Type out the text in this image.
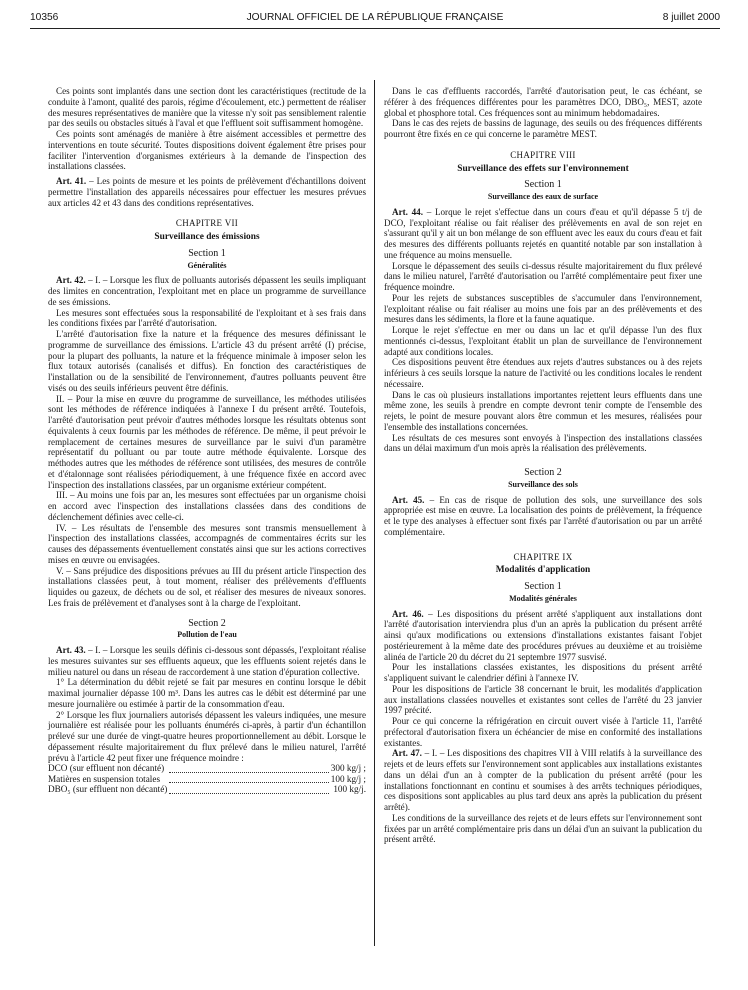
10356	JOURNAL OFFICIEL DE LA RÉPUBLIQUE FRANÇAISE	8 juillet 2000

Ces points sont implantés dans une section dont les caractéristiques (rectitude de la conduite à l'amont, qualité des parois, régime d'écoulement, etc.) permettent de réaliser des mesures représentatives de manière que la vitesse n'y soit pas sensiblement ralentie par des seuils ou obstacles situés à l'aval et que l'effluent soit suffisamment homogène.

Ces points sont aménagés de manière à être aisément accessibles et permettre des interventions en toute sécurité. Toutes dispositions doivent également être prises pour faciliter l'intervention d'organismes extérieurs à la demande de l'inspection des installations classées.

Art. 41. – Les points de mesure et les points de prélèvement d'échantillons doivent permettre l'installation des appareils nécessaires pour effectuer les mesures prévues aux articles 42 et 43 dans des conditions représentatives.

CHAPITRE VII
Surveillance des émissions
Section 1
Généralités

Art. 42. – I. – Lorsque les flux de polluants autorisés dépassent les seuils impliquant des limites en concentration, l'exploitant met en place un programme de surveillance de ses émissions.

Les mesures sont effectuées sous la responsabilité de l'exploitant et à ses frais dans les conditions fixées par l'arrêté d'autorisation.

L'arrêté d'autorisation fixe la nature et la fréquence des mesures définissant le programme de surveillance des émissions. L'article 43 du présent arrêté (I) précise, pour la plupart des polluants, la nature et la fréquence minimale à imposer selon les flux totaux autorisés (canalisés et diffus). En fonction des caractéristiques de l'installation ou de la sensibilité de l'environnement, d'autres polluants peuvent être visés ou des seuils inférieurs peuvent être définis.

II. – Pour la mise en œuvre du programme de surveillance, les méthodes utilisées sont les méthodes de référence indiquées à l'annexe I du présent arrêté. Toutefois, l'arrêté d'autorisation peut prévoir d'autres méthodes lorsque les résultats obtenus sont équivalents à ceux fournis par les méthodes de référence. De même, il peut prévoir le remplacement de certaines mesures de surveillance par le suivi d'un paramètre représentatif du polluant ou par toute autre méthode équivalente. Lorsque des méthodes autres que les méthodes de référence sont utilisées, des mesures de contrôle et d'étalonnage sont réalisées périodiquement, à une fréquence fixée en accord avec l'inspection des installations classées, par un organisme extérieur compétent.

III. – Au moins une fois par an, les mesures sont effectuées par un organisme choisi en accord avec l'inspection des installations classées dans des conditions de déclenchement définies avec celle-ci.

IV. – Les résultats de l'ensemble des mesures sont transmis mensuellement à l'inspection des installations classées, accompagnés de commentaires écrits sur les causes des dépassements éventuellement constatés ainsi que sur les actions correctives mises en œuvre ou envisagées.

V. – Sans préjudice des dispositions prévues au III du présent article l'inspection des installations classées peut, à tout moment, réaliser des prélèvements d'effluents liquides ou gazeux, de déchets ou de sol, et réaliser des mesures de niveaux sonores. Les frais de prélèvement et d'analyses sont à la charge de l'exploitant.

Section 2
Pollution de l'eau

Art. 43. – I. – Lorsque les seuils définis ci-dessous sont dépassés, l'exploitant réalise les mesures suivantes sur ses effluents aqueux, que les effluents soient rejetés dans le milieu naturel ou dans un réseau de raccordement à une station d'épuration collective.

1° La détermination du débit rejeté se fait par mesures en continu lorsque le débit maximal journalier dépasse 100 m³. Dans les autres cas le débit est déterminé par une mesure journalière ou estimée à partir de la consommation d'eau.

2° Lorsque les flux journaliers autorisés dépassent les valeurs indiquées, une mesure journalière est réalisée pour les polluants énumérés ci-après, à partir d'un échantillon prélevé sur une durée de vingt-quatre heures proportionnellement au débit. Lorsque le dépassement résulte majoritairement du flux prélevé dans le milieu naturel, l'arrêté prévu à l'article 42 peut fixer une fréquence moindre :

DCO (sur effluent non décanté)		300 kg/j ;
Matières en suspension totales		100 kg/j ;
DBO₅ (sur effluent non décanté)		100 kg/j.

Dans le cas d'effluents raccordés, l'arrêté d'autorisation peut, le cas échéant, se référer à des fréquences différentes pour les paramètres DCO, DBO₅, MEST, azote global et phosphore total. Ces fréquences sont au minimum hebdomadaires.

Dans le cas des rejets de bassins de lagunage, des seuils ou des fréquences différents pourront être fixés en ce qui concerne le paramètre MEST.

CHAPITRE VIII
Surveillance des effets sur l'environnement
Section 1
Surveillance des eaux de surface

Art. 44. – Lorque le rejet s'effectue dans un cours d'eau et qu'il dépasse 5 t/j de DCO, l'exploitant réalise ou fait réaliser des prélèvements en aval de son rejet en s'assurant qu'il y ait un bon mélange de son effluent avec les eaux du cours d'eau et fait des mesures des différents polluants rejetés en quantité notable par son installation à une fréquence au moins mensuelle.

Lorsque le dépassement des seuils ci-dessus résulte majoritairement du flux prélevé dans le milieu naturel, l'arrêté d'autorisation ou l'arrêté complémentaire peut fixer une fréquence moindre.

Pour les rejets de substances susceptibles de s'accumuler dans l'environnement, l'exploitant réalise ou fait réaliser au moins une fois par an des prélèvements et des mesures dans les sédiments, la flore et la faune aquatique.

Lorque le rejet s'effectue en mer ou dans un lac et qu'il dépasse l'un des flux mentionnés ci-dessus, l'exploitant établit un plan de surveillance de l'environnement adapté aux conditions locales.

Ces dispositions peuvent être étendues aux rejets d'autres substances ou à des rejets inférieurs à ces seuils lorsque la nature de l'activité ou les conditions locales le rendent nécessaire.

Dans le cas où plusieurs installations importantes rejettent leurs effluents dans une même zone, les seuils à prendre en compte devront tenir compte de l'ensemble des rejets, le point de mesure pouvant alors être commun et les mesures, réalisées pour l'ensemble des installations concernées.

Les résultats de ces mesures sont envoyés à l'inspection des installations classées dans un délai maximum d'un mois après la réalisation des prélèvements.

Section 2
Surveillance des sols

Art. 45. – En cas de risque de pollution des sols, une surveillance des sols appropriée est mise en œuvre. La localisation des points de prélèvement, la fréquence et le type des analyses à effectuer sont fixés par l'arrêté d'autorisation ou par un arrêté complémentaire.

CHAPITRE IX
Modalités d'application
Section 1
Modalités générales

Art. 46. – Les dispositions du présent arrêté s'appliquent aux installations dont l'arrêté d'autorisation interviendra plus d'un an après la publication du présent arrêté ainsi qu'aux modifications ou extensions d'installations existantes faisant l'objet postérieurement à la même date des procédures prévues au deuxième et au troisième alinéa de l'article 20 du décret du 21 septembre 1977 susvisé.

Pour les installations classées existantes, les dispositions du présent arrêté s'appliquent suivant le calendrier défini à l'annexe IV.

Pour les dispositions de l'article 38 concernant le bruit, les modalités d'application aux installations classées nouvelles et existantes sont celles de l'arrêté du 23 janvier 1997 précité.

Pour ce qui concerne la réfrigération en circuit ouvert visée à l'article 11, l'arrêté préfectoral d'autorisation fixera un échéancier de mise en conformité des installations existantes.

Art. 47. – I. – Les dispositions des chapitres VII à VIII relatifs à la surveillance des rejets et de leurs effets sur l'environnement sont applicables aux installations existantes dans un délai d'un an à compter de la publication du présent arrêté (pour les installations fonctionnant en continu et soumises à des arrêts techniques périodiques, ces dispositions sont applicables au plus tard deux ans après la publication du présent arrêté).

Les conditions de la surveillance des rejets et de leurs effets sur l'environnement sont fixées par un arrêté complémentaire pris dans un délai d'un an suivant la publication du présent arrêté.
